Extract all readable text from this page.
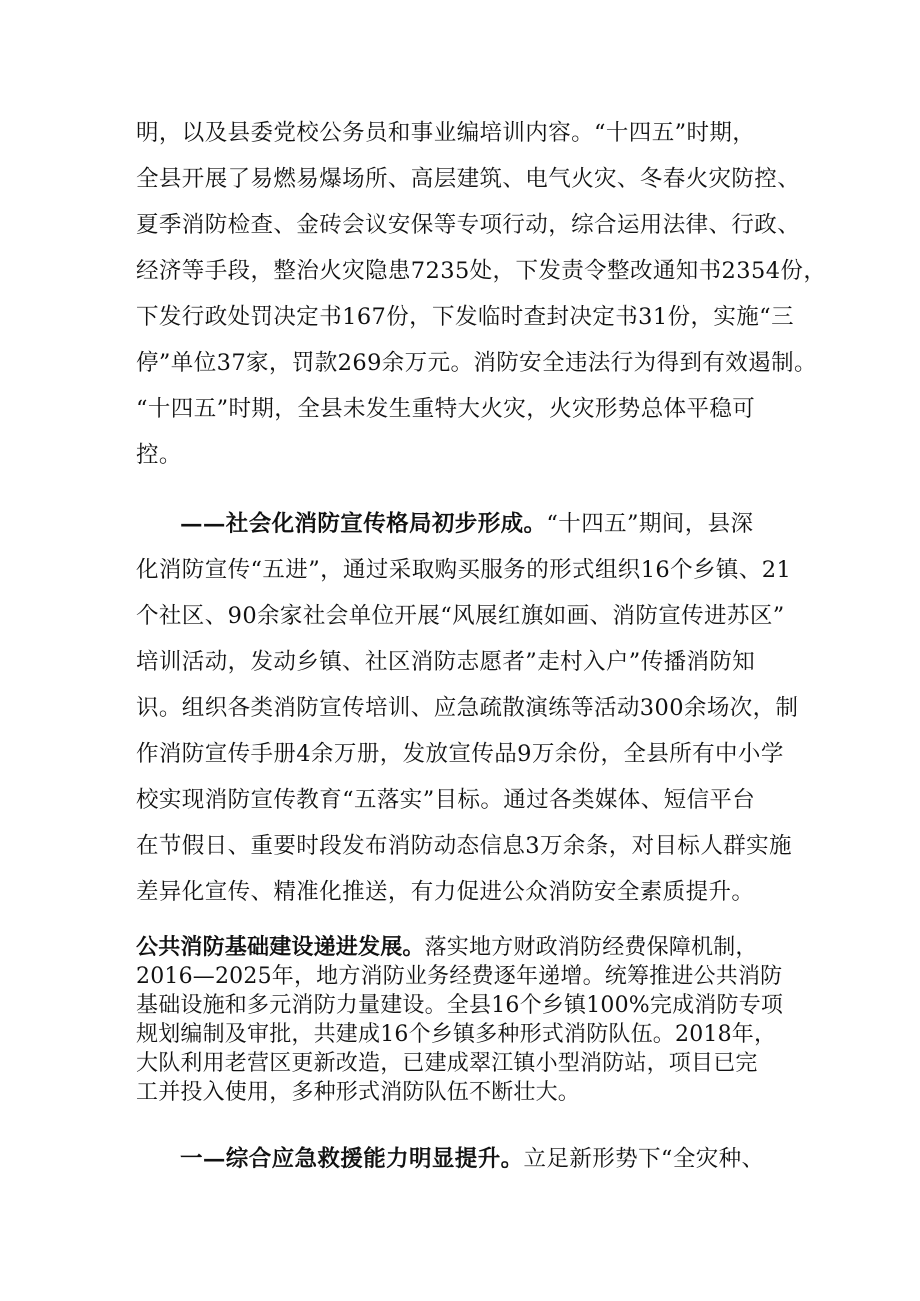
明，以及县委党校公务员和事业编培训内容。“十四五”时期，
全县开展了易燃易爆场所、高层建筑、电气火灾、冬春火灾防控、
夏季消防检查、金砖会议安保等专项行动，综合运用法律、行政、
经济等手段，整治火灾隐患7235处，下发责令整改通知书2354份，
下发行政处罚决定书167份，下发临时查封决定书31份，实施“三
停”单位37家，罚款269余万元。消防安全违法行为得到有效遏制。
“十四五”时期，全县未发生重特大火灾，火灾形势总体平稳可
控。
——社会化消防宣传格局初步形成。“十四五”期间，县深
化消防宣传“五进”，通过采取购买服务的形式组织16个乡镇、21
个社区、90余家社会单位开展“风展红旗如画、消防宣传进苏区”
培训活动，发动乡镇、社区消防志愿者”走村入户”传播消防知
识。组织各类消防宣传培训、应急疏散演练等活动300余场次，制
作消防宣传手册4余万册，发放宣传品9万余份，全县所有中小学
校实现消防宣传教育“五落实”目标。通过各类媒体、短信平台
在节假日、重要时段发布消防动态信息3万余条，对目标人群实施
差异化宣传、精准化推送，有力促进公众消防安全素质提升。
公共消防基础建设递进发展。落实地方财政消防经费保障机制，
2016—2025年，地方消防业务经费逐年递增。统筹推进公共消防
基础设施和多元消防力量建设。全县16个乡镇100%完成消防专项
规划编制及审批，共建成16个乡镇多种形式消防队伍。2018年，
大队利用老营区更新改造，已建成翠江镇小型消防站，项目已完
工并投入使用，多种形式消防队伍不断壮大。
一—综合应急救援能力明显提升。立足新形势下“全灾种、
